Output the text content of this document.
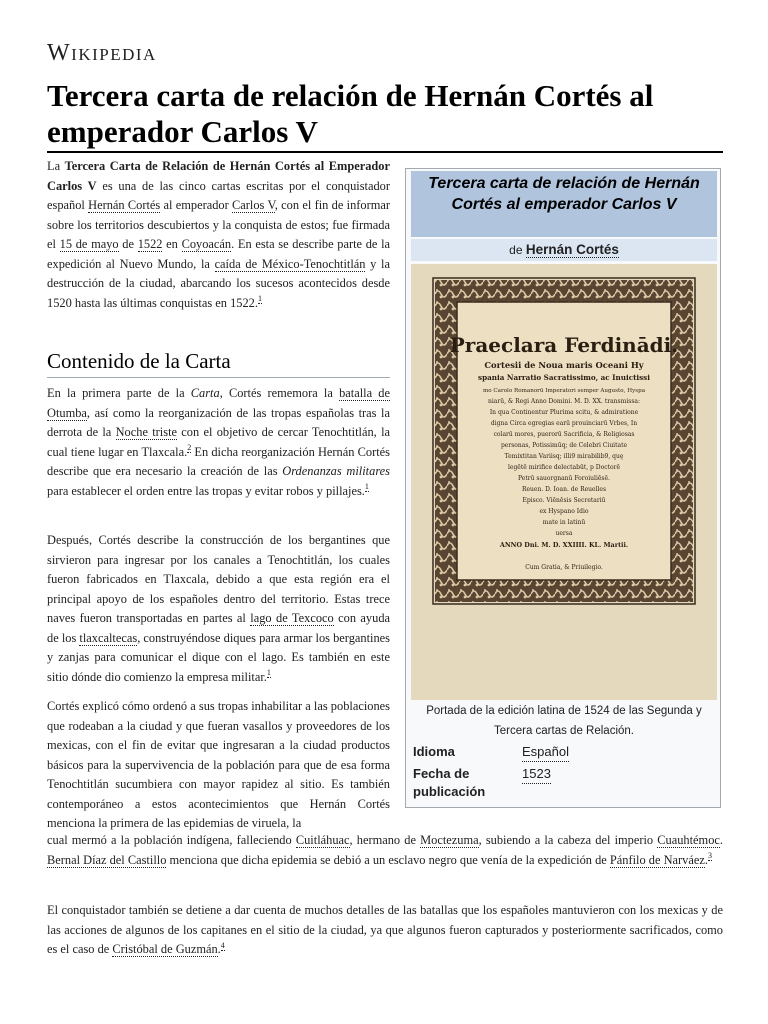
Wikipedia
Tercera carta de relación de Hernán Cortés al emperador Carlos V

La Tercera Carta de Relación de Hernán Cortés al Emperador Carlos V es una de las cinco cartas escritas por el conquistador español Hernán Cortés al emperador Carlos V, con el fin de informar sobre los territorios descubiertos y la conquista de estos; fue firmada el 15 de mayo de 1522 en Coyoacán. En esta se describe parte de la expedición al Nuevo Mundo, la caída de México-Tenochtitlán y la destrucción de la ciudad, abarcando los sucesos acontecidos desde 1520 hasta las últimas conquistas en 1522.$^1$

Contenido de la Carta

En la primera parte de la Carta, Cortés rememora la batalla de Otumba, así como la reorganización de las tropas españolas tras la derrota de la Noche triste con el objetivo de cercar Tenochtitlán, la cual tiene lugar en Tlaxcala.$^2$ En dicha reorganización Hernán Cortés describe que era necesario la creación de las Ordenanzas militares para establecer el orden entre las tropas y evitar robos y pillajes.$^1$

Después, Cortés describe la construcción de los bergantines que sirvieron para ingresar por los canales a Tenochtitlán, los cuales fueron fabricados en Tlaxcala, debido a que esta región era el principal apoyo de los españoles dentro del territorio. Estas trece naves fueron transportadas en partes al lago de Texcoco con ayuda de los tlaxcaltecas, construyéndose diques para armar los bergantines y zanjas para comunicar el dique con el lago. Es también en este sitio dónde dio comienzo la empresa militar.$^1$

Cortés explicó cómo ordenó a sus tropas inhabilitar a las poblaciones que rodeaban a la ciudad y que fueran vasallos y proveedores de los mexicas, con el fin de evitar que ingresaran a la ciudad productos básicos para la supervivencia de la población para que de esa forma Tenochtitlán sucumbiera con mayor rapidez al sitio. Es también contemporáneo a estos acontecimientos que Hernán Cortés menciona la primera de las epidemias de viruela, la

cual mermó a la población indígena, falleciendo Cuitláhuac, hermano de Moctezuma, subiendo a la cabeza del imperio Cuauhtémoc. Bernal Díaz del Castillo menciona que dicha epidemia se debió a un esclavo negro que venía de la expedición de Pánfilo de Narváez.$^3$

El conquistador también se detiene a dar cuenta de muchos detalles de las batallas que los españoles mantuvieron con los mexicas y de las acciones de algunos de los capitanes en el sitio de la ciudad, ya que algunos fueron capturados y posteriormente sacrificados, como es el caso de Cristóbal de Guzmán.$^4$

Tercera carta de relación de Hernán Cortés al emperador Carlos V
de Hernán Cortés
Praeclara Ferdinādi.
Cortesii de Noua maris Oceani Hy
spania Narratio Sacratissimo, ac Inuictissi
mo Carolo Romanorū Imperatori semper Augusto, Hyspa
niarū, & Regi Anno Domini. M. D. XX. transmissa:
In qua Continentur Plurima scitu, & admiratione
digna Circa egregias earū prouinciarū Vrbes, In
colarū mores, puerorū Sacrificia, & Religiosas
personas, Potissimūq; de Celebri Ciuitate
Temixtitan Variisq; illi9 mirabilib9, quę
legētē mirifice delectabūt, p Doctorē
Petrū sauorgnanū Foroiuliēsē.
Reuen. D. Ioan. de Reuelles
Episco. Viēnēsis Secretariū
ex Hyspano Idio
mate in latinū
uersa
ANNO Dni. M. D. XXIIII. KL. Martii.
Cum Gratia, & Priuilegio.
Portada de la edición latina de 1524 de las Segunda y Tercera cartas de Relación.
Idioma	Español
Fecha de publicación
1523
